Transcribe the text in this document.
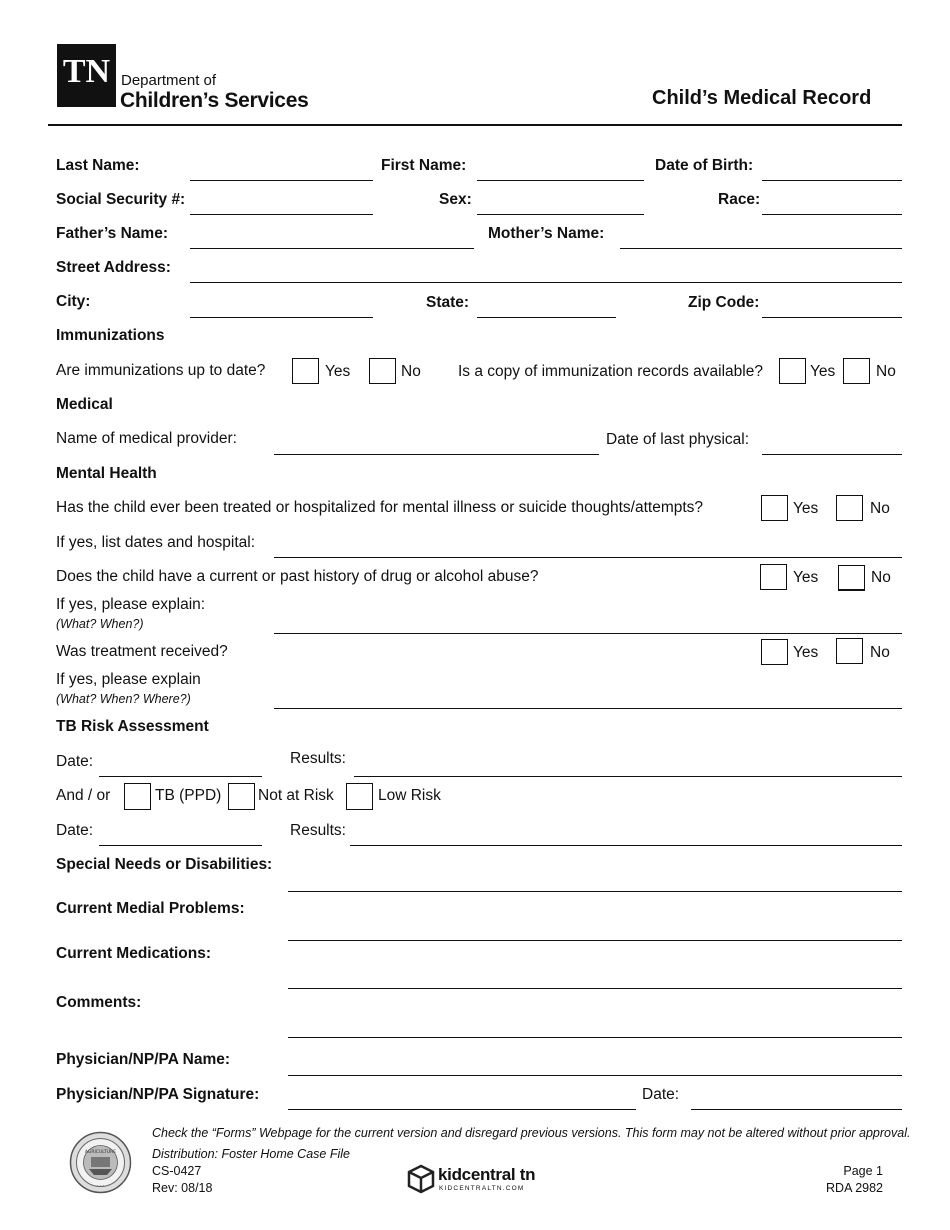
TN Department of
Children’s Services	Child’s Medical Record
Last Name:	First Name:	Date of Birth:
Social Security #:	Sex:	Race:
Father’s Name:	Mother’s Name:
Street Address:
City:	State:	Zip Code:
Immunizations
Are immunizations up to date?	Yes	No Is a copy of immunization records available?	Yes	No
Medical
Name of medical provider:	Date of last physical:
Mental Health
Has the child ever been treated or hospitalized for mental illness or suicide thoughts/attempts?	Yes	No
If yes, list dates and hospital:
Does the child have a current or past history of drug or alcohol abuse?	Yes	No
If yes, please explain:
(What? When?)
Was treatment received?	Yes	No
If yes, please explain
(What? When? Where?)
TB Risk Assessment
Date:	Results:
And / or	TB (PPD) Not at Risk	Low Risk
Date:	Results:
Special Needs or Disabilities:
Current Medial Problems:
Current Medications:
Comments:
Physician/NP/PA Name:
Physician/NP/PA Signature:	Date:
AGRICULTURE
· · ·
Check the “Forms” Webpage for the current version and disregard previous versions. This form may not be altered without prior approval.
Distribution: Foster Home Case File
CS-0427
Rev: 08/18
kidcentral tn
KIDCENTRALTN.COM
Page 1
RDA 2982
